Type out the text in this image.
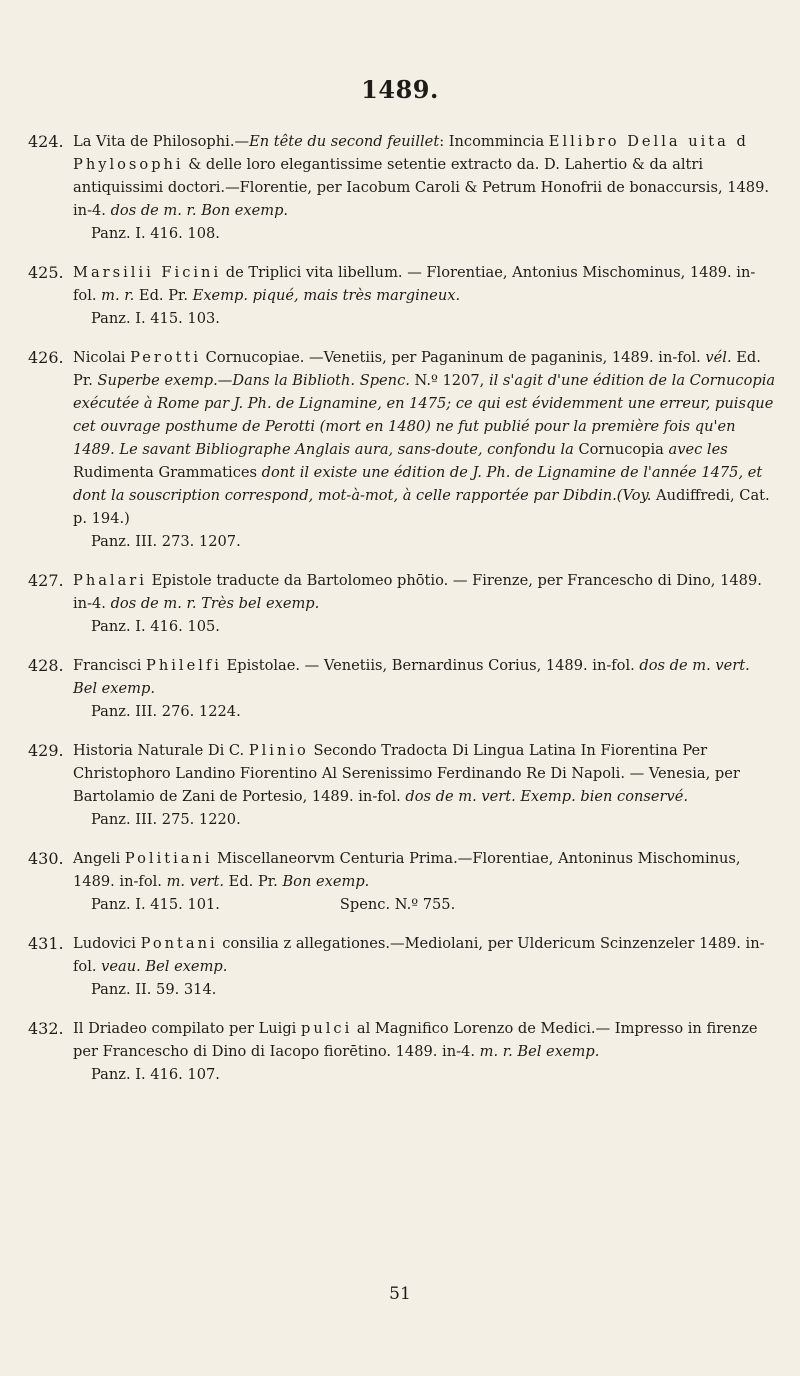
1489.
424. La Vita de Philosophi.—En tête du second feuillet: Incommincia Ellibro Della uita d Phylosophi & delle loro elegantissime setentie extracto da. D. Lahertio & da altri antiquissimi doctori.—Florentie, per Iacobum Caroli & Petrum Honofrii de bonaccursis, 1489. in-4. dos de m. r. Bon exemp.
Panz. I. 416. 108.
425. Marsilii Ficini de Triplici vita libellum. — Florentiae, Antonius Mischominus, 1489. in-fol. m. r. Ed. Pr. Exemp. piqué, mais très margineux.
Panz. I. 415. 103.
426. Nicolai Perotti Cornucopiae. —Venetiis, per Paganinum de paganinis, 1489. in-fol. vél. Ed. Pr. Superbe exemp.—Dans la Biblioth. Spenc. N.º 1207, il s'agit d'une édition de la Cornucopia exécutée à Rome par J. Ph. de Lignamine, en 1475; ce qui est évidemment une erreur, puisque cet ouvrage posthume de Perotti (mort en 1480) ne fut publié pour la première fois qu'en 1489. Le savant Bibliographe Anglais aura, sans-doute, confondu la Cornucopia avec les Rudimenta Grammatices dont il existe une édition de J. Ph. de Lignamine de l'année 1475, et dont la souscription correspond, mot-à-mot, à celle rapportée par Dibdin.(Voy. Audiffredi, Cat. p. 194.)
Panz. III. 273. 1207.
427. Phalari Epistole traducte da Bartolomeo phōtio. — Firenze, per Francescho di Dino, 1489. in-4. dos de m. r. Très bel exemp.
Panz. I. 416. 105.
428. Francisci Philelfi Epistolae. — Venetiis, Bernardinus Corius, 1489. in-fol. dos de m. vert. Bel exemp.
Panz. III. 276. 1224.
429. Historia Naturale Di C. Plinio Secondo Tradocta Di Lingua Latina In Fiorentina Per Christophoro Landino Fiorentino Al Serenissimo Ferdinando Re Di Napoli. — Venesia, per Bartolamio de Zani de Portesio, 1489. in-fol. dos de m. vert. Exemp. bien conservé.
Panz. III. 275. 1220.
430. Angeli Politiani Miscellaneorvm Centuria Prima.—Florentiae, Antoninus Mischominus, 1489. in-fol. m. vert. Ed. Pr. Bon exemp.
Panz. I. 415. 101.	Spenc. N.º 755.
431. Ludovici Pontani consilia z allegationes.—Mediolani, per Uldericum Scinzenzeler 1489. in-fol. veau. Bel exemp.
Panz. II. 59. 314.
432. Il Driadeo compilato per Luigi pulci al Magnifico Lorenzo de Medici.— Impresso in firenze per Francescho di Dino di Iacopo fiorētino. 1489. in-4. m. r. Bel exemp.
Panz. I. 416. 107.
51
